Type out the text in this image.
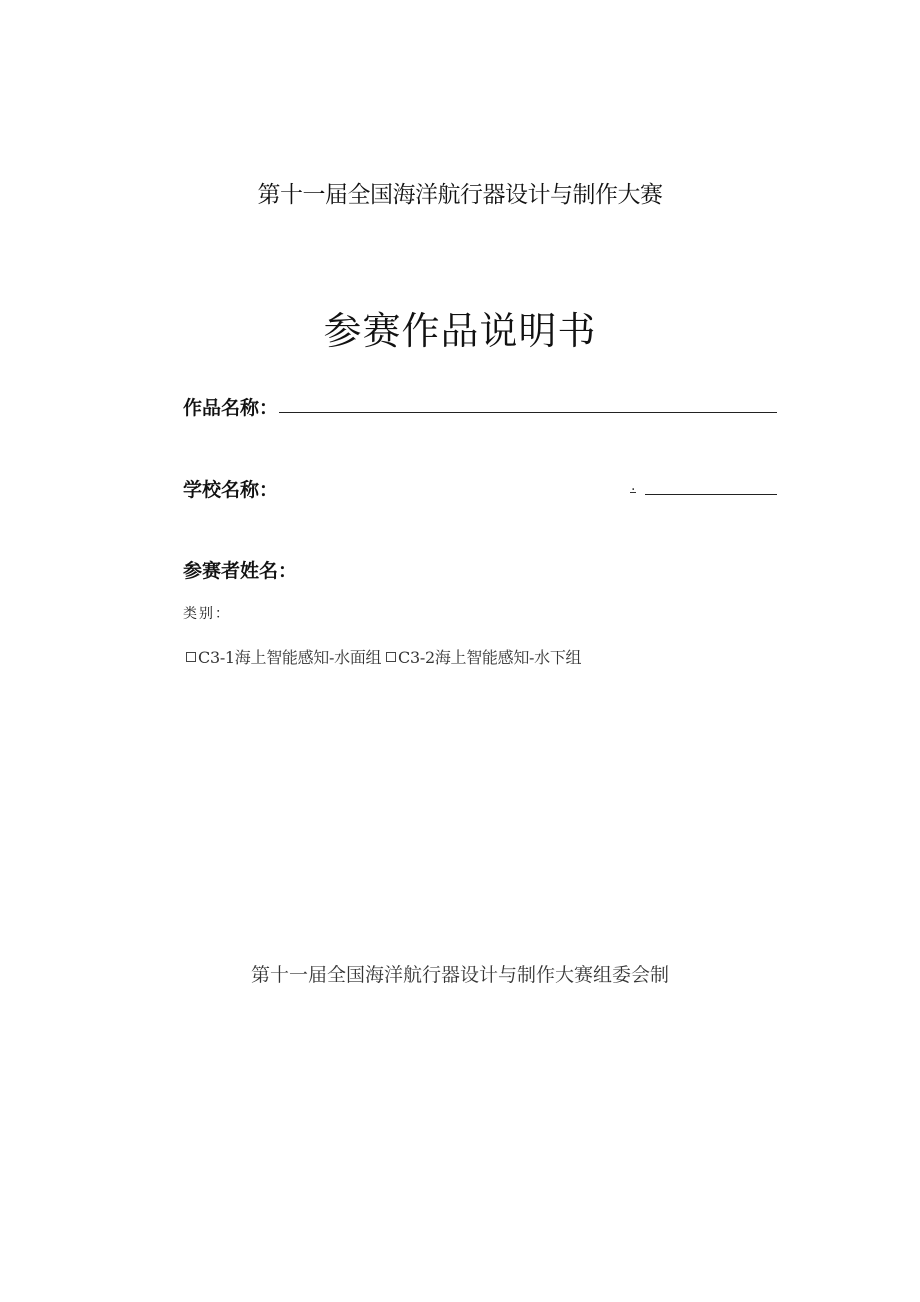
第十一届全国海洋航行器设计与制作大赛
参赛作品说明书
作品名称：
学校名称：	.
参赛者姓名：
类别：
C3-1海上智能感知-水面组 C3-2海上智能感知-水下组
第十一届全国海洋航行器设计与制作大赛组委会制
